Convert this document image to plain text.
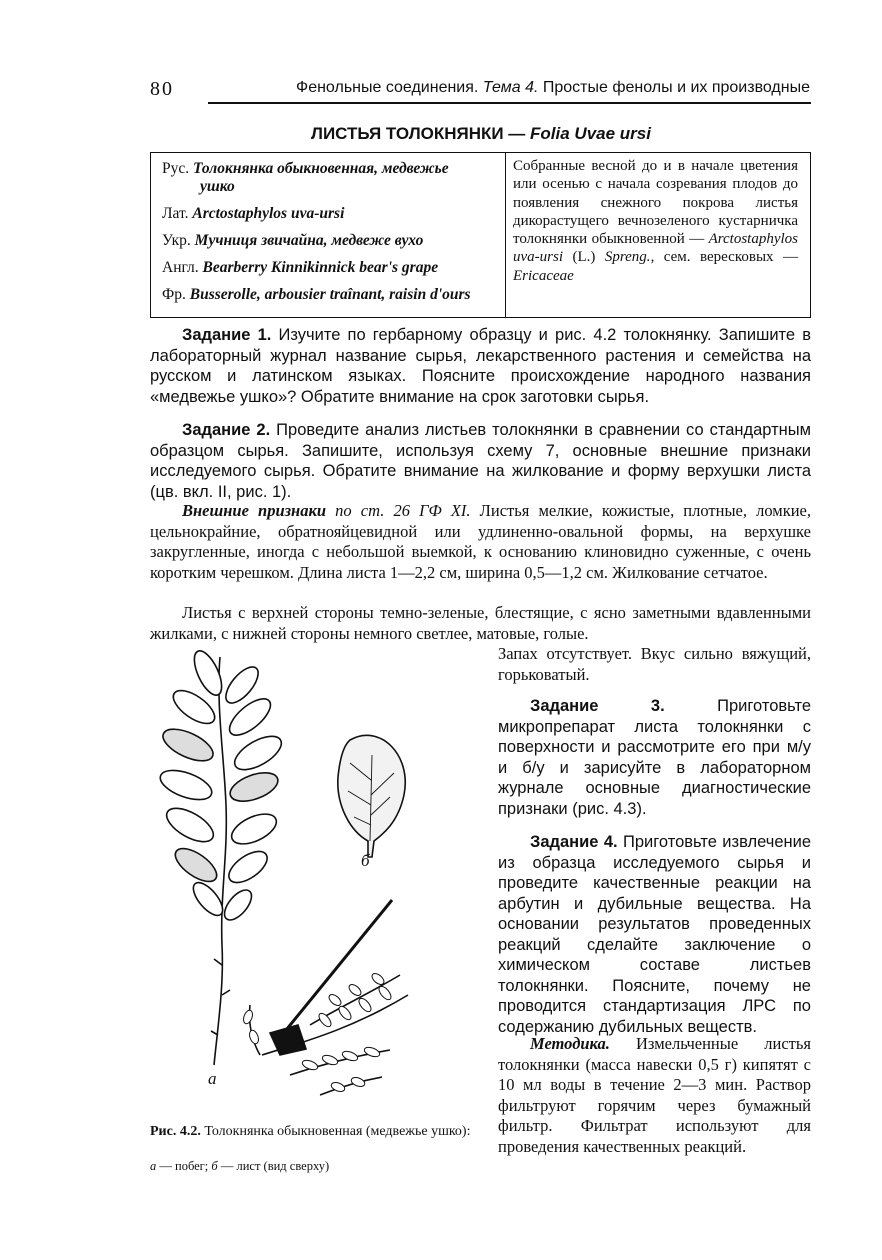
80	Фенольные соединения. Тема 4. Простые фенолы и их производные
ЛИСТЬЯ ТОЛОКНЯНКИ — Folia Uvae ursi
Рус. Толокнянка обыкновенная, медвежье
ушко
Лат. Arctostaphylos uva-ursi
Укр. Мучниця звичайна, медвеже вухо
Англ. Bearberry Kinnikinnick bear's grape
Фр. Busserolle, arbousier traînant, raisin d'ours
Собранные весной до и в начале цветения или осенью с начала созревания плодов до появления снежного покрова листья дикорастущего вечнозеленого кустарничка толокнянки обыкновенной — Arctostaphylos uva-ursi (L.) Spreng., сем. вересковых — Ericaceae
Задание 1. Изучите по гербарному образцу и рис. 4.2 толокнянку. Запишите в лабораторный журнал название сырья, лекарственного растения и семейства на русском и латинском языках. Поясните происхождение народного названия «медвежье ушко»? Обратите внимание на срок заготовки сырья.
Задание 2. Проведите анализ листьев толокнянки в сравнении со стандартным образцом сырья. Запишите, используя схему 7, основные внешние признаки исследуемого сырья. Обратите внимание на жилкование и форму верхушки листа (цв. вкл. II, рис. 1).
Внешние признаки по ст. 26 ГФ XI. Листья мелкие, кожистые, плотные, ломкие, цельнокрайние, обратнояйцевидной или удлиненно-овальной формы, на верхушке закругленные, иногда с небольшой выемкой, к основанию клиновидно суженные, с очень коротким черешком. Длина листа 1—2,2 см, ширина 0,5—1,2 см. Жилкование сетчатое.
Листья с верхней стороны темно-зеленые, блестящие, с ясно заметными вдавленными жилками, с нижней стороны немного светлее, матовые, голые.
Запах отсутствует. Вкус сильно вяжущий, горьковатый.
Задание 3. Приготовьте микропрепарат листа толокнянки с поверхности и рассмотрите его при м/у и б/у и зарисуйте в лабораторном журнале основные диагностические признаки (рис. 4.3).
Задание 4. Приготовьте извлечение из образца исследуемого сырья и проведите качественные реакции на арбутин и дубильные вещества. На основании результатов проведенных реакций сделайте заключение о химическом составе листьев толокнянки. Поясните, почему не проводится стандартизация ЛРС по содержанию дубильных веществ.
Методика. Измельченные листья толокнянки (масса навески 0,5 г) кипятят с 10 мл воды в течение 2—3 мин. Раствор фильтруют горячим через бумажный фильтр. Фильтрат используют для проведения качественных реакций.
а
б
Рис. 4.2. Толокнянка обыкновенная (медвежье ушко):
а — побег; б — лист (вид сверху)
